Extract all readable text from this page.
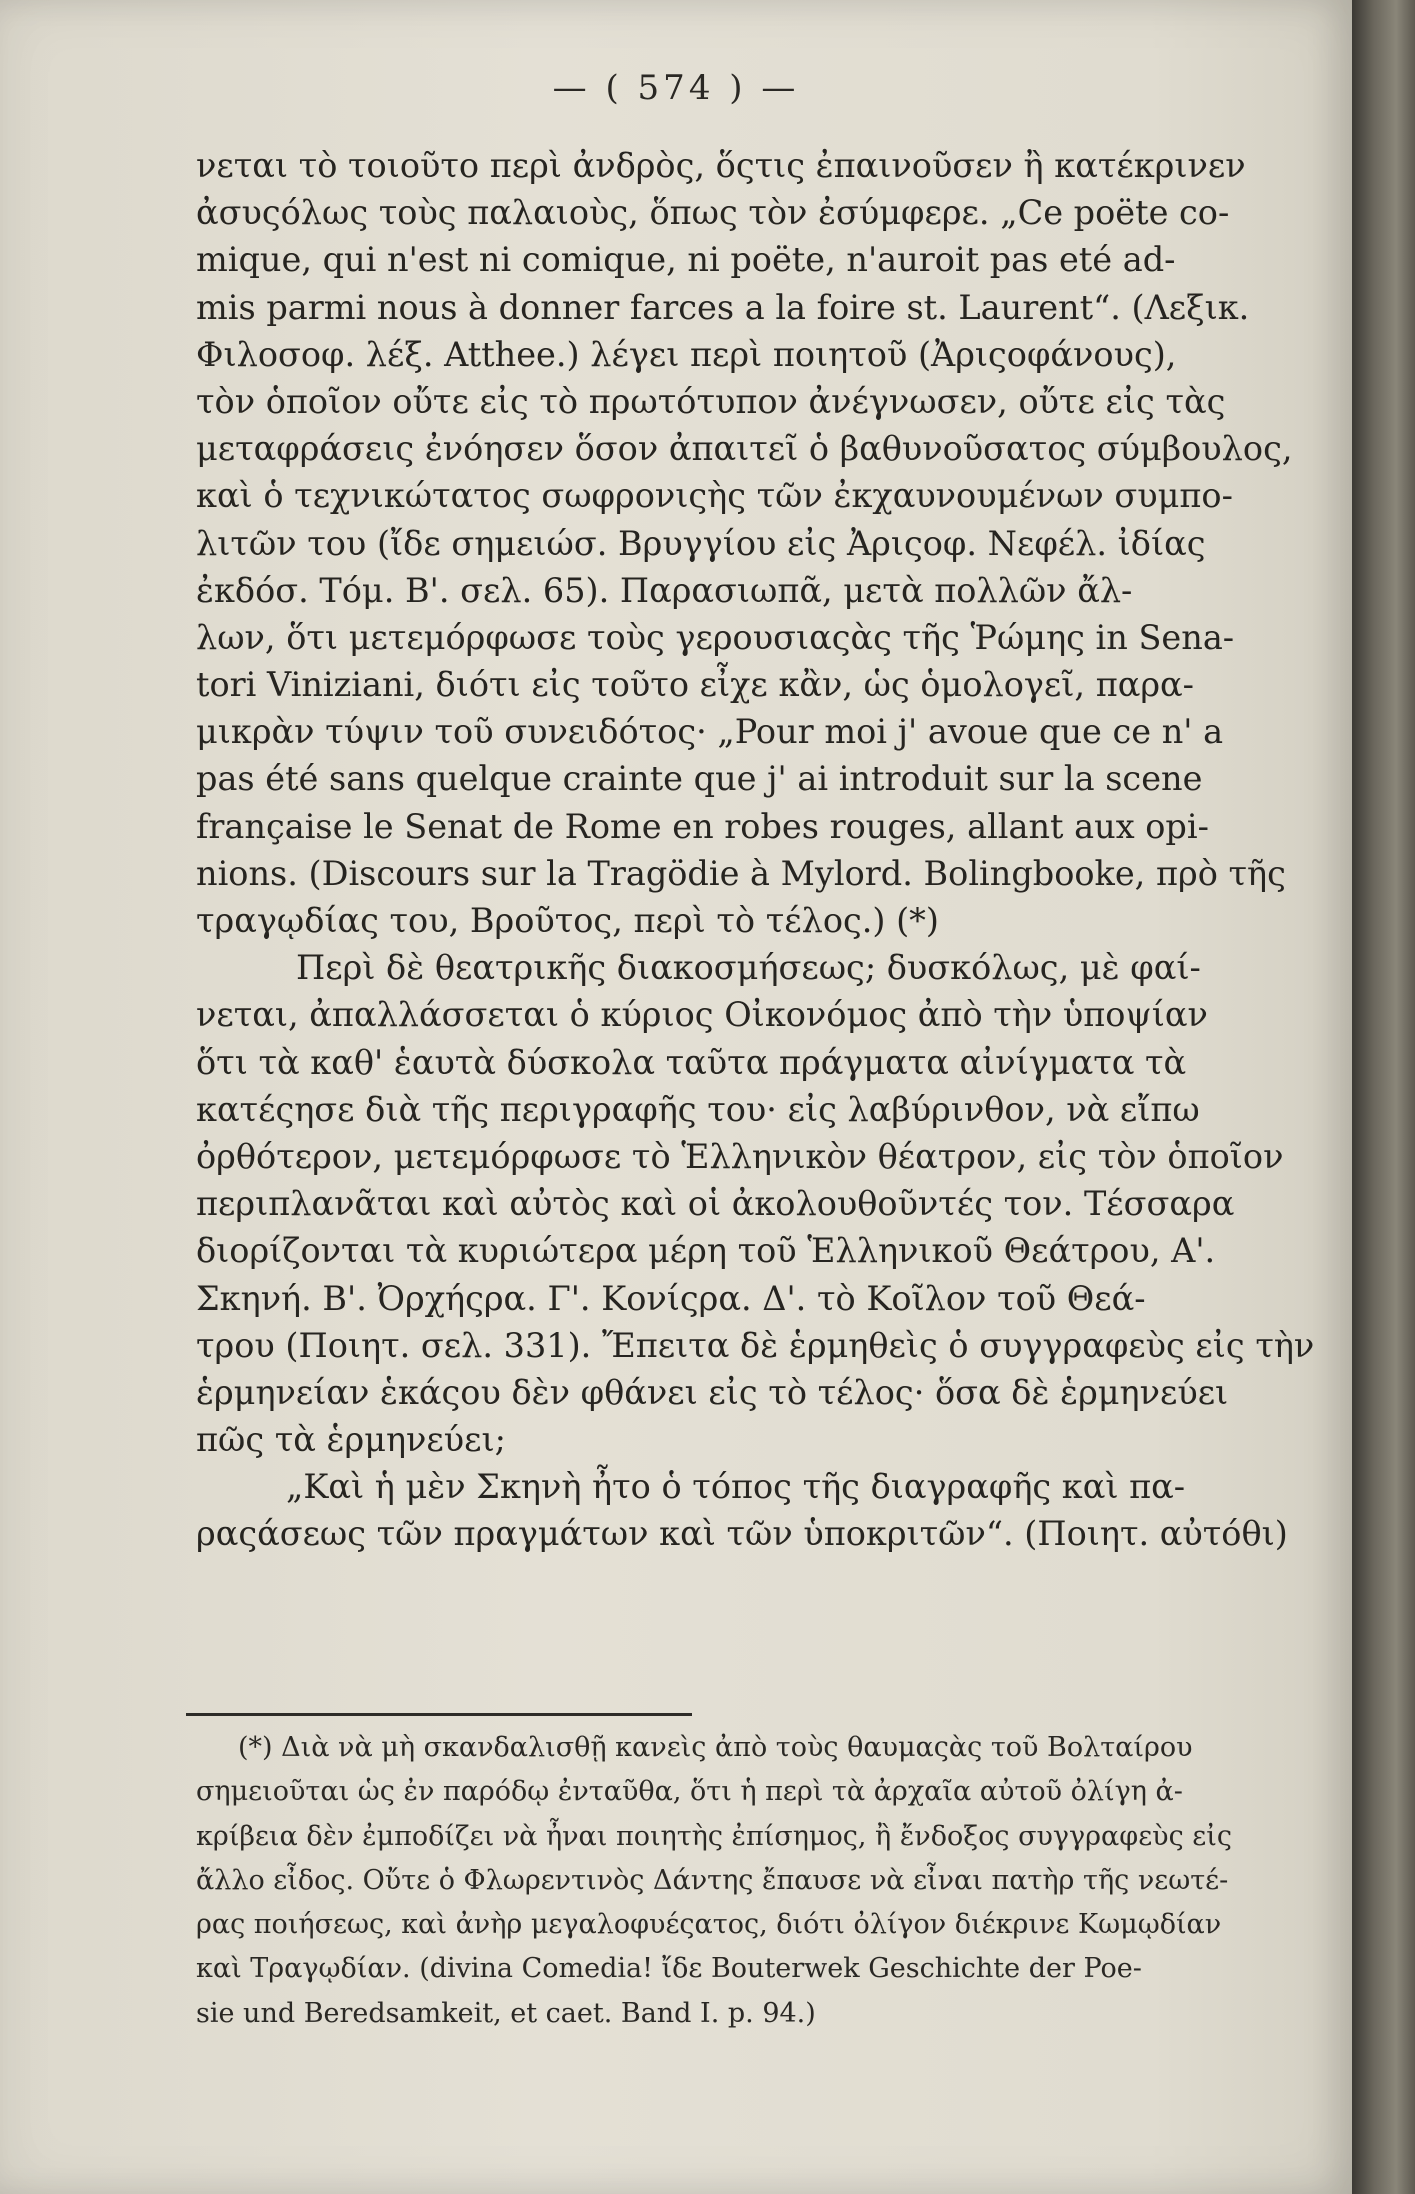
— ( 574 ) —
νεται τὸ τοιοῦτο περὶ ἀνδρὸς, ὅςτις ἐπαινοῦσεν ἢ κατέκρινεν
ἀσυςόλως τοὺς παλαιοὺς, ὅπως τὸν ἐσύμφερε. „Ce poëte co-
mique, qui n'est ni comique, ni poëte, n'auroit pas eté ad-
mis parmi nous à donner farces a la foire st. Laurent“. (Λεξικ.
Φιλοσοφ. λέξ. Atthee.) λέγει περὶ ποιητοῦ (Ἀριςοφάνους),
τὸν ὁποῖον οὔτε εἰς τὸ πρωτότυπον ἀνέγνωσεν, οὔτε εἰς τὰς
μεταφράσεις ἐνόησεν ὅσον ἀπαιτεῖ ὁ βαθυνοῦσατος σύμβουλος,
καὶ ὁ τεχνικώτατος σωφρονιςὴς τῶν ἐκχαυνουμένων συμπο-
λιτῶν του (ἴδε σημειώσ. Βρυγγίου εἰς Ἀριςοφ. Νεφέλ. ἰδίας
ἐκδόσ. Τόμ. Β'. σελ. 65). Παρασιωπᾶ, μετὰ πολλῶν ἄλ-
λων, ὅτι μετεμόρφωσε τοὺς γερουσιαςὰς τῆς Ῥώμης in Sena-
tori Viniziani, διότι εἰς τοῦτο εἶχε κἂν, ὡς ὁμολογεῖ, παρα-
μικρὰν τύψιν τοῦ συνειδότος· „Pour moi j' avoue que ce n' a
pas été sans quelque crainte que j' ai introduit sur la scene
française le Senat de Rome en robes rouges, allant aux opi-
nions. (Discours sur la Tragödie à Mylord. Bolingbooke, πρὸ τῆς
τραγῳδίας του, Βροῦτος, περὶ τὸ τέλος.) (*)
Περὶ δὲ θεατρικῆς διακοσμήσεως; δυσκόλως, μὲ φαί-
νεται, ἀπαλλάσσεται ὁ κύριος Οἰκονόμος ἀπὸ τὴν ὑποψίαν
ὅτι τὰ καθ' ἑαυτὰ δύσκολα ταῦτα πράγματα αἰνίγματα τὰ
κατέςησε διὰ τῆς περιγραφῆς του· εἰς λαβύρινθον, νὰ εἴπω
ὀρθότερον, μετεμόρφωσε τὸ Ἑλληνικὸν θέατρον, εἰς τὸν ὁποῖον
περιπλανᾶται καὶ αὐτὸς καὶ οἱ ἀκολουθοῦντές τον. Τέσσαρα
διορίζονται τὰ κυριώτερα μέρη τοῦ Ἑλληνικοῦ Θεάτρου, Α'.
Σκηνή. Β'. Ὀρχήςρα. Γ'. Κονίςρα. Δ'. τὸ Κοῖλον τοῦ Θεά-
τρου (Ποιητ. σελ. 331). Ἔπειτα δὲ ἑρμηθεὶς ὁ συγγραφεὺς εἰς τὴν
ἑρμηνείαν ἑκάςου δὲν φθάνει εἰς τὸ τέλος· ὅσα δὲ ἑρμηνεύει
πῶς τὰ ἑρμηνεύει;
„Καὶ ἡ μὲν Σκηνὴ ἦτο ὁ τόπος τῆς διαγραφῆς καὶ πα-
ραςάσεως τῶν πραγμάτων καὶ τῶν ὑποκριτῶν“. (Ποιητ. αὐτόθι)
(*) Διὰ νὰ μὴ σκανδαλισθῇ κανεὶς ἀπὸ τοὺς θαυμαςὰς τοῦ Βολταίρου
σημειοῦται ὡς ἐν παρόδῳ ἐνταῦθα, ὅτι ἡ περὶ τὰ ἀρχαῖα αὐτοῦ ὀλίγη ἀ-
κρίβεια δὲν ἐμποδίζει νὰ ἦναι ποιητὴς ἐπίσημος, ἢ ἔνδοξος συγγραφεὺς εἰς
ἄλλο εἶδος. Οὔτε ὁ Φλωρεντινὸς Δάντης ἔπαυσε νὰ εἶναι πατὴρ τῆς νεωτέ-
ρας ποιήσεως, καὶ ἀνὴρ μεγαλοφυέςατος, διότι ὀλίγον διέκρινε Κωμῳδίαν
καὶ Τραγῳδίαν. (divina Comedia! ἴδε Bouterwek Geschichte der Poe-
sie und Beredsamkeit, et caet. Band I. p. 94.)
